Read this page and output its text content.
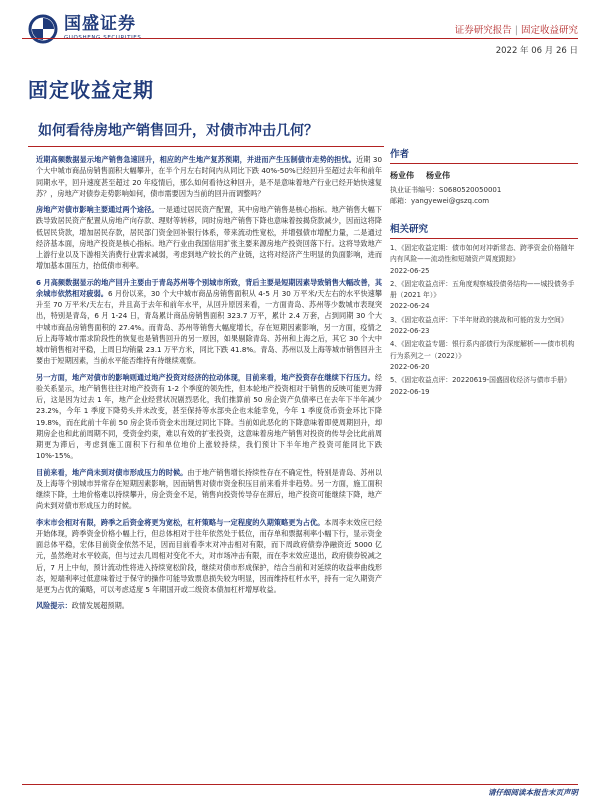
国盛证券
GUOSHENG SECURITIES
证券研究报告 | 固定收益研究
2022 年 06 月 26 日
固定收益定期
如何看待房地产销售回升，对债市冲击几何？

近期高频数据显示地产销售急速回升，相应的产生地产复苏预期，并进而产生压制债市走势的担忧。近期 30 个大中城市商品房销售面积大幅攀升，在半个月左右时间内从同比下跌 40%-50%已经回升至超过去年和前年同期水平，回升速度甚至超过 20 年疫情后，那么如何看待这种回升，是不是意味着地产行业已经开始快速复苏？，房地产对债券走势影响如何，债市需要因为当前的回升而调整吗？

房地产对债市影响主要通过两个途径。一是通过居民资产配置，其中房地产销售是核心指标。地产销售大幅下跌导致居民资产配置从房地产向存款、理财等转移，同时房地产销售下降也意味着按揭贷款减少，因而这将降低居民贷款，增加居民存款，居民部门资金回补银行体系，带来流动性宽松，并增强债市增配力量，二是通过经济基本面，房地产投资是核心指标。地产行业由我国信用扩张主要来源房地产投资回落下行。这将导致地产上游行业以及下游相关消费行业需求减弱，考虑到地产较长的产业链，这将对经济产生明显的负面影响，进而增加基本面压力，抬低债市利率。

6 月高频数据显示的地产回升主要由于青岛苏州等个别城市所致，背后主要是短期因素导致销售大幅改善，其余城市依然相对疲弱。6 月份以来，30 个大中城市商品房销售面积从 4-5 月 30 万平米/天左右的水平快速攀升至 70 万平米/天左右，并且高于去年和前年水平，从回升原因来看，一方面青岛、苏州等少数城市表现突出，特别是青岛，6 月 1-24 日，青岛累计商品房销售面积 323.7 万平，累计 2.4 万套，占到同期 30 个大中城市商品房销售面积的 27.4%。而青岛、苏州等销售大幅度增长，存在短期因素影响，另一方面，疫情之后上海等城市需求阶段性的恢复也是销售回升的另一原因，如果剔除青岛、苏州和上海之后，其它 30 个大中城市销售相对平稳，上周日均销量 23.1 万平方米，同比下跌 41.8%。青岛、苏州以及上海等城市销售回升主要由于短期因素，当前水平能否维持有待继续观察。

另一方面，地产对债市的影响则通过地产投资对经济的拉动体现，目前来看，地产投资存在继续下行压力。经验关系显示，地产销售往往对地产投资有 1-2 个季度的领先性，但本轮地产投资相对于销售的反映可能更为滞后，这是因为过去 1 年，地产企业经营状况剧烈恶化，我们推算前 50 房企资产负债率已在去年下半年减少 23.2%，今年 1 季度下降势头并未改变，甚至保持等水部央企也未能幸免，今年 1 季度货币资金环比下降 19.8%，而在此前十年前 50 房企货币资金未出现过同比下降。当前如此恶化的下降意味着即使周期回升，却期房企也和此前周期不同，受资金约束，难以有效的扩张投资，这意味着房地产销售对投资的传导会比此前周期更为滞后，考虑到施工面积下行和单位地价上涨较持续，我们预计下半年地产投资可能同比下跌 10%-15%。

目前来看，地产尚未到对债市形成压力的时候。由于地产销售增长持续性存在不确定性，特别是青岛、苏州以及上海等个别城市异常存在短期因素影响，因而销售对债市资金积压目前来看并非趋势。另一方面，施工面积继续下降，土地价格难以持续攀升，房企资金不足，销售向投资传导存在滞后，地产投资可能继续下降，地产尚未到对债市形成压力的时候。

李末市会相对有限，跨季之后资金将更为宽松，杠杆策略与一定程度的久期策略更为占优。本周李末效应已经开始体现，跨季资金价格小幅上行，但总体相对于往年依然处于低位，而存单和票据利率小幅下行，显示资金面总体平稳，宏体目前资金依然不足，因而目前看李末对冲击相对有限，而下周政府债券净融资近 5000 亿元，虽然绝对水平较高，但与过去几周相对变化不大，对市场冲击有限，而在李末效应退出，政府债券锐减之后，7 月上中旬，预计流动性将进入持续宽松阶段，继续对债市形成保护，结合当前和对延续的收益率曲线形态，短端利率过低意味着过于保守的操作可能导致票息损失较为明显，因而维持杠杆水平，持有一定久期资产是更为占优的策略，可以考虑适度 5 年期国开或二级资本债加杠杆增厚收益。

风险提示：政情发展超预期。
作者
杨业伟 杨业伟
执业证书编号：S0680520050001
邮箱：yangyewei@gszq.com
相关研究
1、《固定收益定期：债市如何对冲新常态、跨季资金价格随年内有风险——流动性和短端资产周度跟踪》
2022-06-25
2、《固定收益点评：五角度观察城投债务结构——城投债务手册（2021 年）》
2022-06-24
3、《固定收益点评：下半年财政的挑战和可能的发力空间》
2022-06-23
4、《固定收益专题：银行系内部债行为深度解析——债市机构行为系列之一（2022）》
2022-06-20
5、《固定收益点评：20220619-国盛固收经济与债市手册》
2022-06-19
请仔细阅读本报告末页声明
